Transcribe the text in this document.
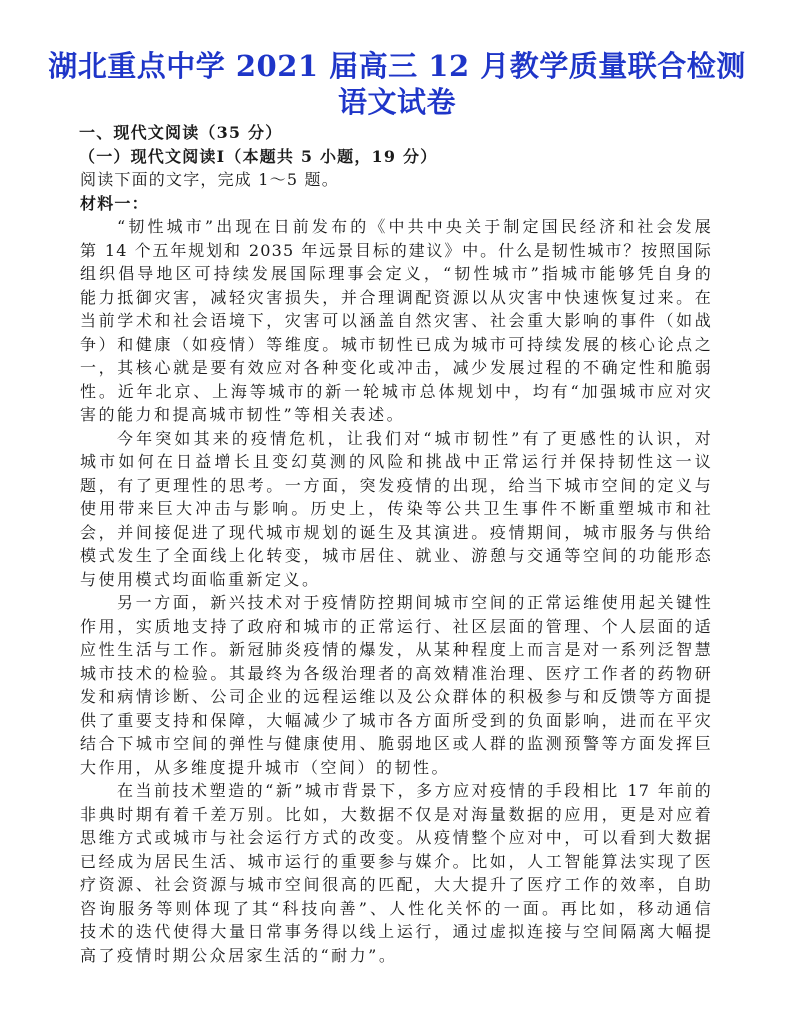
湖北重点中学 2021 届高三 12 月教学质量联合检测
语文试卷
一、现代文阅读（35 分）
（一）现代文阅读Ⅰ（本题共 5 小题，19 分）
阅读下面的文字，完成 1～5 题。
材料一：
“韧性城市”出现在日前发布的《中共中央关于制定国民经济和社会发展
第 14 个五年规划和 2035 年远景目标的建议》中。什么是韧性城市？按照国际
组织倡导地区可持续发展国际理事会定义，“韧性城市”指城市能够凭自身的
能力抵御灾害，减轻灾害损失，并合理调配资源以从灾害中快速恢复过来。在
当前学术和社会语境下，灾害可以涵盖自然灾害、社会重大影响的事件（如战
争）和健康（如疫情）等维度。城市韧性已成为城市可持续发展的核心论点之
一，其核心就是要有效应对各种变化或冲击，减少发展过程的不确定性和脆弱
性。近年北京、上海等城市的新一轮城市总体规划中，均有“加强城市应对灾
害的能力和提高城市韧性”等相关表述。
今年突如其来的疫情危机，让我们对“城市韧性”有了更感性的认识，对
城市如何在日益增长且变幻莫测的风险和挑战中正常运行并保持韧性这一议
题，有了更理性的思考。一方面，突发疫情的出现，给当下城市空间的定义与
使用带来巨大冲击与影响。历史上，传染等公共卫生事件不断重塑城市和社
会，并间接促进了现代城市规划的诞生及其演进。疫情期间，城市服务与供给
模式发生了全面线上化转变，城市居住、就业、游憩与交通等空间的功能形态
与使用模式均面临重新定义。
另一方面，新兴技术对于疫情防控期间城市空间的正常运维使用起关键性
作用，实质地支持了政府和城市的正常运行、社区层面的管理、个人层面的适
应性生活与工作。新冠肺炎疫情的爆发，从某种程度上而言是对一系列泛智慧
城市技术的检验。其最终为各级治理者的高效精准治理、医疗工作者的药物研
发和病情诊断、公司企业的远程运维以及公众群体的积极参与和反馈等方面提
供了重要支持和保障，大幅减少了城市各方面所受到的负面影响，进而在平灾
结合下城市空间的弹性与健康使用、脆弱地区或人群的监测预警等方面发挥巨
大作用，从多维度提升城市（空间）的韧性。
在当前技术塑造的“新”城市背景下，多方应对疫情的手段相比 17 年前的
非典时期有着千差万别。比如，大数据不仅是对海量数据的应用，更是对应着
思维方式或城市与社会运行方式的改变。从疫情整个应对中，可以看到大数据
已经成为居民生活、城市运行的重要参与媒介。比如，人工智能算法实现了医
疗资源、社会资源与城市空间很高的匹配，大大提升了医疗工作的效率，自助
咨询服务等则体现了其“科技向善”、人性化关怀的一面。再比如，移动通信
技术的迭代使得大量日常事务得以线上运行，通过虚拟连接与空间隔离大幅提
高了疫情时期公众居家生活的“耐力”。
